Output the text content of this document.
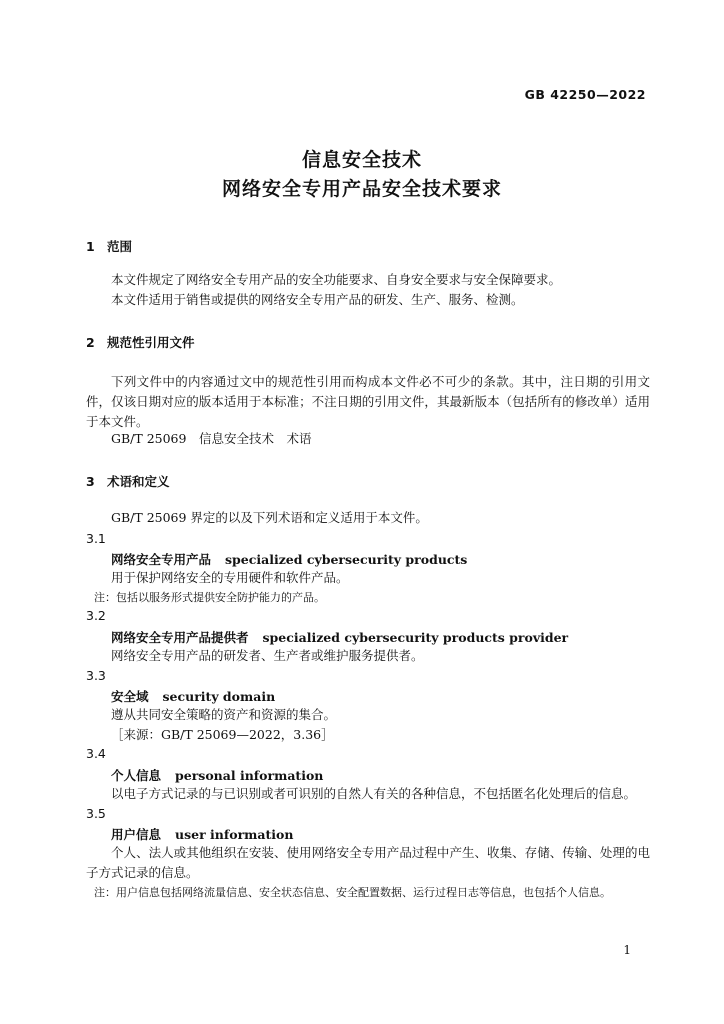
GB 42250—2022
信息安全技术
网络安全专用产品安全技术要求
1 范围
本文件规定了网络安全专用产品的安全功能要求、自身安全要求与安全保障要求。
本文件适用于销售或提供的网络安全专用产品的研发、生产、服务、检测。
2 规范性引用文件
下列文件中的内容通过文中的规范性引用而构成本文件必不可少的条款。其中，注日期的引用文件，仅该日期对应的版本适用于本标准；不注日期的引用文件，其最新版本（包括所有的修改单）适用于本文件。
GB/T 25069　信息安全技术　术语
3 术语和定义
GB/T 25069 界定的以及下列术语和定义适用于本文件。
3.1
网络安全专用产品 specialized cybersecurity products
用于保护网络安全的专用硬件和软件产品。
注：包括以服务形式提供安全防护能力的产品。
3.2
网络安全专用产品提供者 specialized cybersecurity products provider
网络安全专用产品的研发者、生产者或维护服务提供者。
3.3
安全域 security domain
遵从共同安全策略的资产和资源的集合。
［来源：GB/T 25069—2022，3.36］
3.4
个人信息 personal information
以电子方式记录的与已识别或者可识别的自然人有关的各种信息，不包括匿名化处理后的信息。
3.5
用户信息 user information
个人、法人或其他组织在安装、使用网络安全专用产品过程中产生、收集、存储、传输、处理的电子方式记录的信息。
注：用户信息包括网络流量信息、安全状态信息、安全配置数据、运行过程日志等信息，也包括个人信息。
1
